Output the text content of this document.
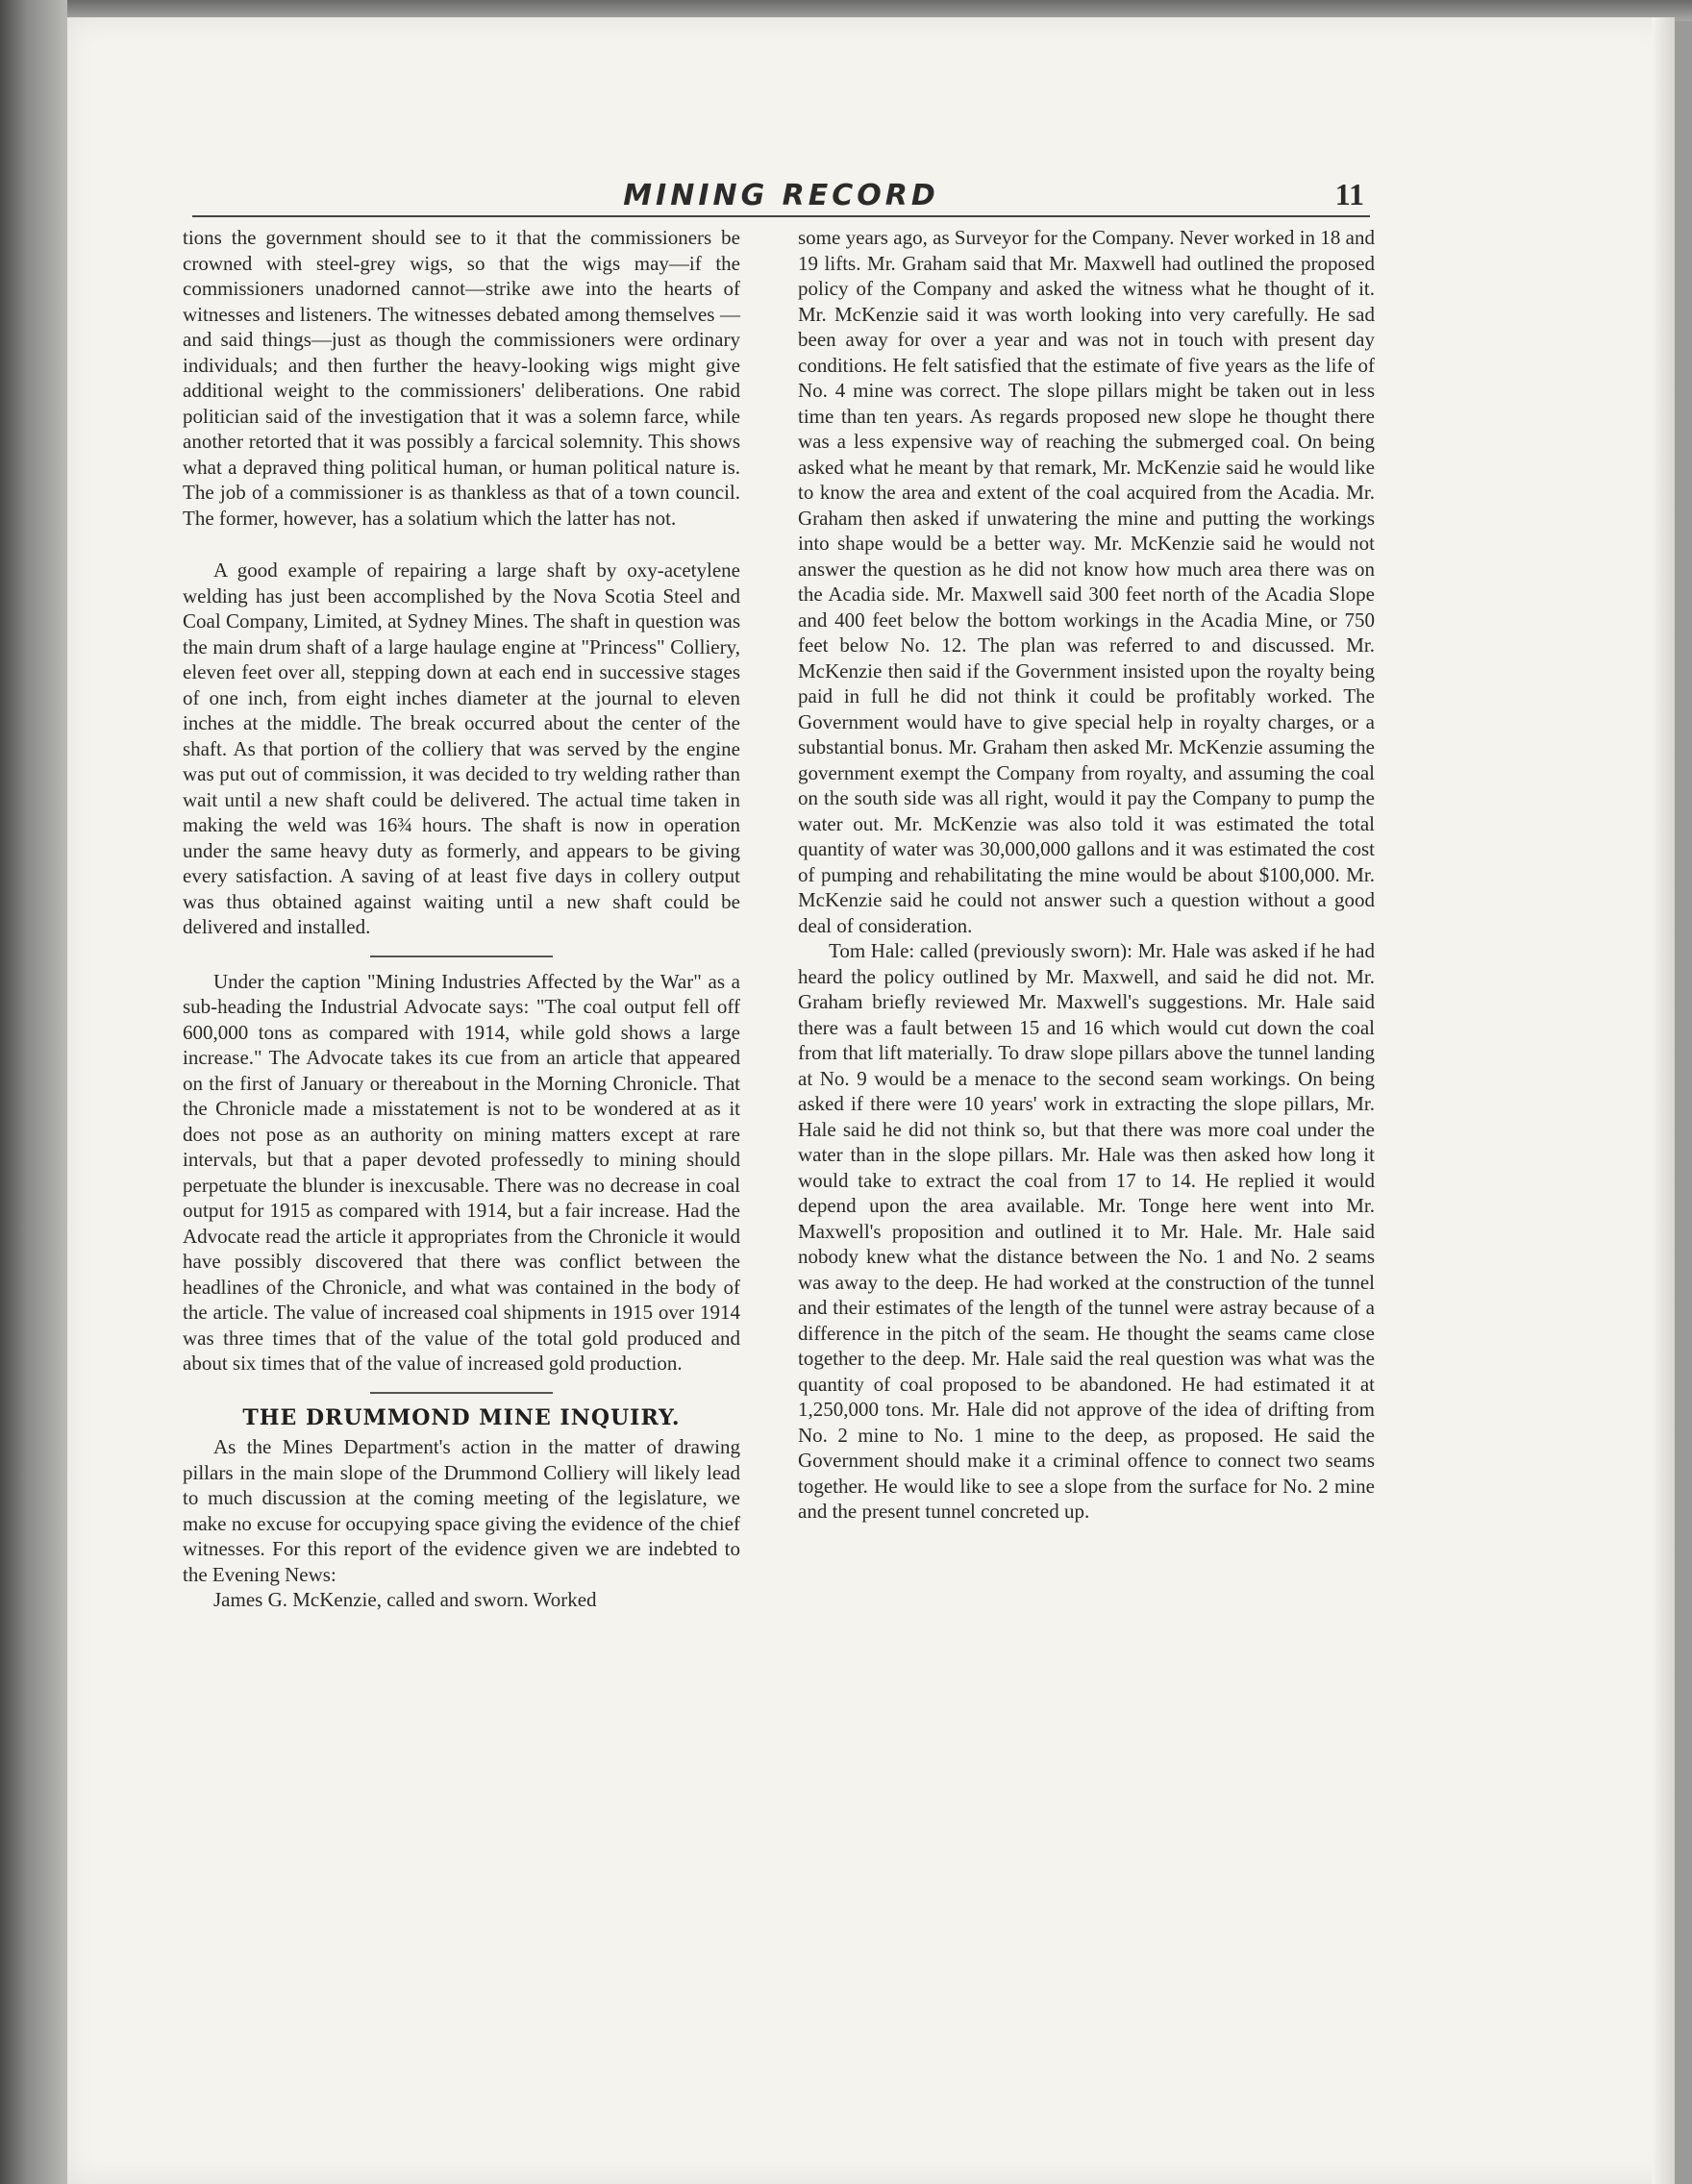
MINING RECORD	11

tions the government should see to it that the commissioners be crowned with steel-grey wigs, so that the wigs may—if the commissioners unadorned cannot—strike awe into the hearts of witnesses and listeners. The witnesses debated among themselves —and said things—just as though the commissioners were ordinary individuals; and then further the heavy-looking wigs might give additional weight to the commissioners' deliberations. One rabid politician said of the investigation that it was a solemn farce, while another retorted that it was possibly a farcical solemnity. This shows what a depraved thing political human, or human political nature is. The job of a commissioner is as thankless as that of a town council. The former, however, has a solatium which the latter has not.

A good example of repairing a large shaft by oxy-acetylene welding has just been accomplished by the Nova Scotia Steel and Coal Company, Limited, at Sydney Mines. The shaft in question was the main drum shaft of a large haulage engine at "Princess" Colliery, eleven feet over all, stepping down at each end in successive stages of one inch, from eight inches diameter at the journal to eleven inches at the middle. The break occurred about the center of the shaft. As that portion of the colliery that was served by the engine was put out of commission, it was decided to try welding rather than wait until a new shaft could be delivered. The actual time taken in making the weld was 16¾ hours. The shaft is now in operation under the same heavy duty as formerly, and appears to be giving every satisfaction. A saving of at least five days in collery output was thus obtained against waiting until a new shaft could be delivered and installed.

Under the caption "Mining Industries Affected by the War" as a sub-heading the Industrial Advocate says: "The coal output fell off 600,000 tons as compared with 1914, while gold shows a large increase." The Advocate takes its cue from an article that appeared on the first of January or thereabout in the Morning Chronicle. That the Chronicle made a misstatement is not to be wondered at as it does not pose as an authority on mining matters except at rare intervals, but that a paper devoted professedly to mining should perpetuate the blunder is inexcusable. There was no decrease in coal output for 1915 as compared with 1914, but a fair increase. Had the Advocate read the article it appropriates from the Chronicle it would have possibly discovered that there was conflict between the headlines of the Chronicle, and what was contained in the body of the article. The value of increased coal shipments in 1915 over 1914 was three times that of the value of the total gold produced and about six times that of the value of increased gold production.

THE DRUMMOND MINE INQUIRY.

As the Mines Department's action in the matter of drawing pillars in the main slope of the Drummond Colliery will likely lead to much discussion at the coming meeting of the legislature, we make no excuse for occupying space giving the evidence of the chief witnesses. For this report of the evidence given we are indebted to the Evening News:

James G. McKenzie, called and sworn. Worked

some years ago, as Surveyor for the Company. Never worked in 18 and 19 lifts. Mr. Graham said that Mr. Maxwell had outlined the proposed policy of the Company and asked the witness what he thought of it. Mr. McKenzie said it was worth looking into very carefully. He sad been away for over a year and was not in touch with present day conditions. He felt satisfied that the estimate of five years as the life of No. 4 mine was correct. The slope pillars might be taken out in less time than ten years. As regards proposed new slope he thought there was a less expensive way of reaching the submerged coal. On being asked what he meant by that remark, Mr. McKenzie said he would like to know the area and extent of the coal acquired from the Acadia. Mr. Graham then asked if unwatering the mine and putting the workings into shape would be a better way. Mr. McKenzie said he would not answer the question as he did not know how much area there was on the Acadia side. Mr. Maxwell said 300 feet north of the Acadia Slope and 400 feet below the bottom workings in the Acadia Mine, or 750 feet below No. 12. The plan was referred to and discussed. Mr. McKenzie then said if the Government insisted upon the royalty being paid in full he did not think it could be profitably worked. The Government would have to give special help in royalty charges, or a substantial bonus. Mr. Graham then asked Mr. McKenzie assuming the government exempt the Company from royalty, and assuming the coal on the south side was all right, would it pay the Company to pump the water out. Mr. McKenzie was also told it was estimated the total quantity of water was 30,000,000 gallons and it was estimated the cost of pumping and rehabilitating the mine would be about $100,000. Mr. McKenzie said he could not answer such a question without a good deal of consideration.

Tom Hale: called (previously sworn): Mr. Hale was asked if he had heard the policy outlined by Mr. Maxwell, and said he did not. Mr. Graham briefly reviewed Mr. Maxwell's suggestions. Mr. Hale said there was a fault between 15 and 16 which would cut down the coal from that lift materially. To draw slope pillars above the tunnel landing at No. 9 would be a menace to the second seam workings. On being asked if there were 10 years' work in extracting the slope pillars, Mr. Hale said he did not think so, but that there was more coal under the water than in the slope pillars. Mr. Hale was then asked how long it would take to extract the coal from 17 to 14. He replied it would depend upon the area available. Mr. Tonge here went into Mr. Maxwell's proposition and outlined it to Mr. Hale. Mr. Hale said nobody knew what the distance between the No. 1 and No. 2 seams was away to the deep. He had worked at the construction of the tunnel and their estimates of the length of the tunnel were astray because of a difference in the pitch of the seam. He thought the seams came close together to the deep. Mr. Hale said the real question was what was the quantity of coal proposed to be abandoned. He had estimated it at 1,250,000 tons. Mr. Hale did not approve of the idea of drifting from No. 2 mine to No. 1 mine to the deep, as proposed. He said the Government should make it a criminal offence to connect two seams together. He would like to see a slope from the surface for No. 2 mine and the present tunnel concreted up.
